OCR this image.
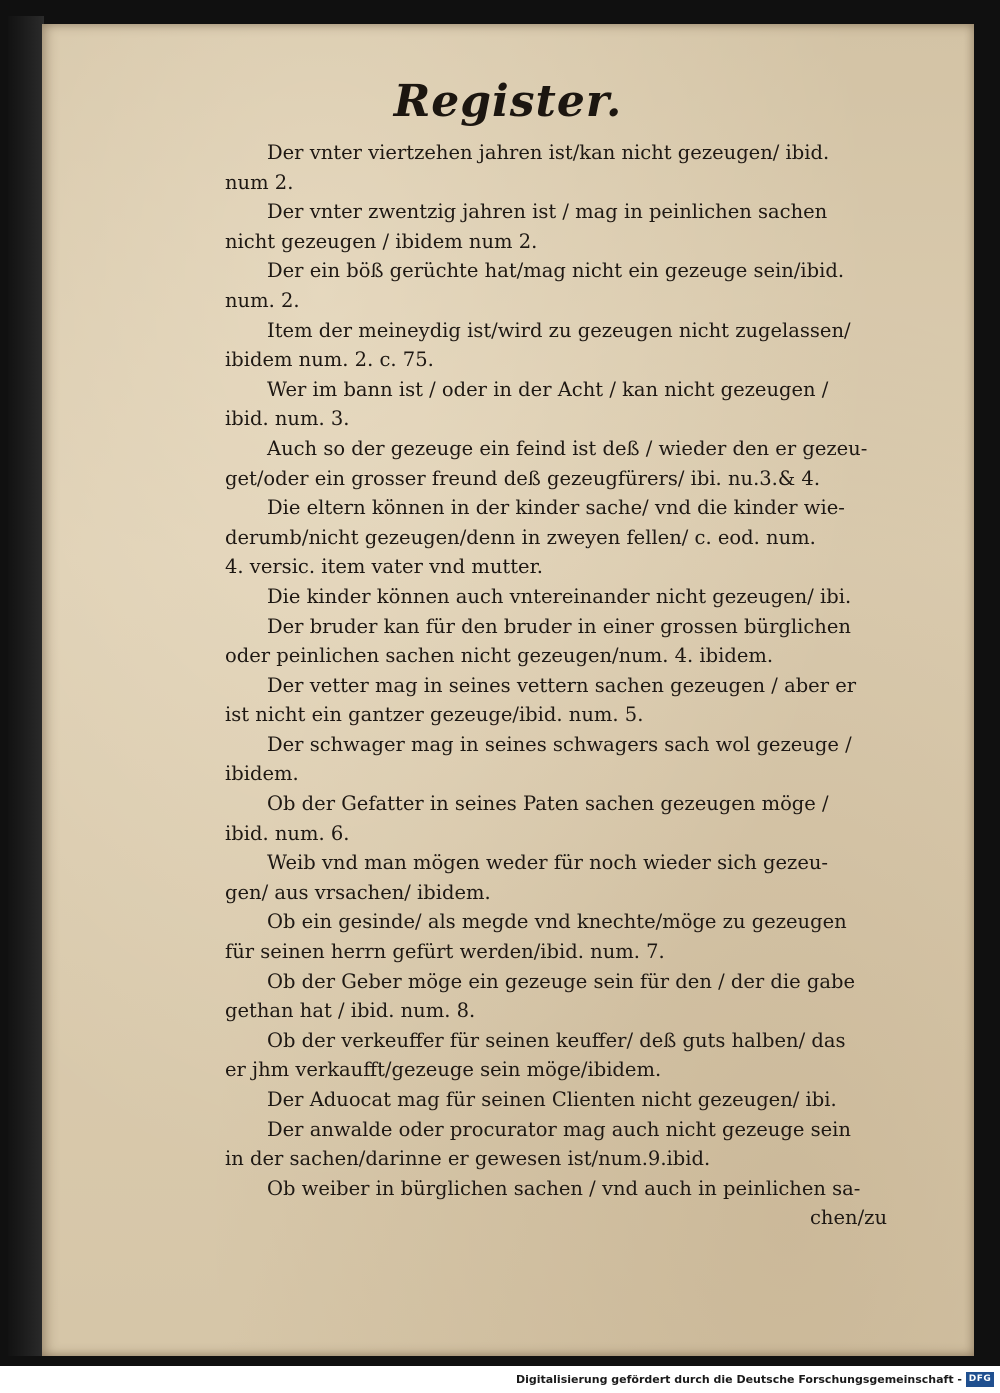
Register.
Der vnter viertzehen jahren ist/kan nicht gezeugen/ ibid.
num 2.
Der vnter zwentzig jahren ist / mag in peinlichen sachen
nicht gezeugen / ibidem num 2.
Der ein böß gerüchte hat/mag nicht ein gezeuge sein/ibid.
num. 2.
Item der meineydig ist/wird zu gezeugen nicht zugelassen/
ibidem num. 2. c. 75.
Wer im bann ist / oder in der Acht / kan nicht gezeugen /
ibid. num. 3.
Auch so der gezeuge ein feind ist deß / wieder den er gezeu-
get/oder ein grosser freund deß gezeugfürers/ ibi. nu.3.& 4.
Die eltern können in der kinder sache/ vnd die kinder wie-
derumb/nicht gezeugen/denn in zweyen fellen/ c. eod. num.
4. versic. item vater vnd mutter.
Die kinder können auch vntereinander nicht gezeugen/ ibi.
Der bruder kan für den bruder in einer grossen bürglichen
oder peinlichen sachen nicht gezeugen/num. 4. ibidem.
Der vetter mag in seines vettern sachen gezeugen / aber er
ist nicht ein gantzer gezeuge/ibid. num. 5.
Der schwager mag in seines schwagers sach wol gezeuge /
ibidem.
Ob der Gefatter in seines Paten sachen gezeugen möge /
ibid. num. 6.
Weib vnd man mögen weder für noch wieder sich gezeu-
gen/ aus vrsachen/ ibidem.
Ob ein gesinde/ als megde vnd knechte/möge zu gezeugen
für seinen herrn gefürt werden/ibid. num. 7.
Ob der Geber möge ein gezeuge sein für den / der die gabe
gethan hat / ibid. num. 8.
Ob der verkeuffer für seinen keuffer/ deß guts halben/ das
er jhm verkaufft/gezeuge sein möge/ibidem.
Der Aduocat mag für seinen Clienten nicht gezeugen/ ibi.
Der anwalde oder procurator mag auch nicht gezeuge sein
in der sachen/darinne er gewesen ist/num.9.ibid.
Ob weiber in bürglichen sachen / vnd auch in peinlichen sa-
chen/zu
Digitalisierung gefördert durch die Deutsche Forschungsgemeinschaft - DFG
